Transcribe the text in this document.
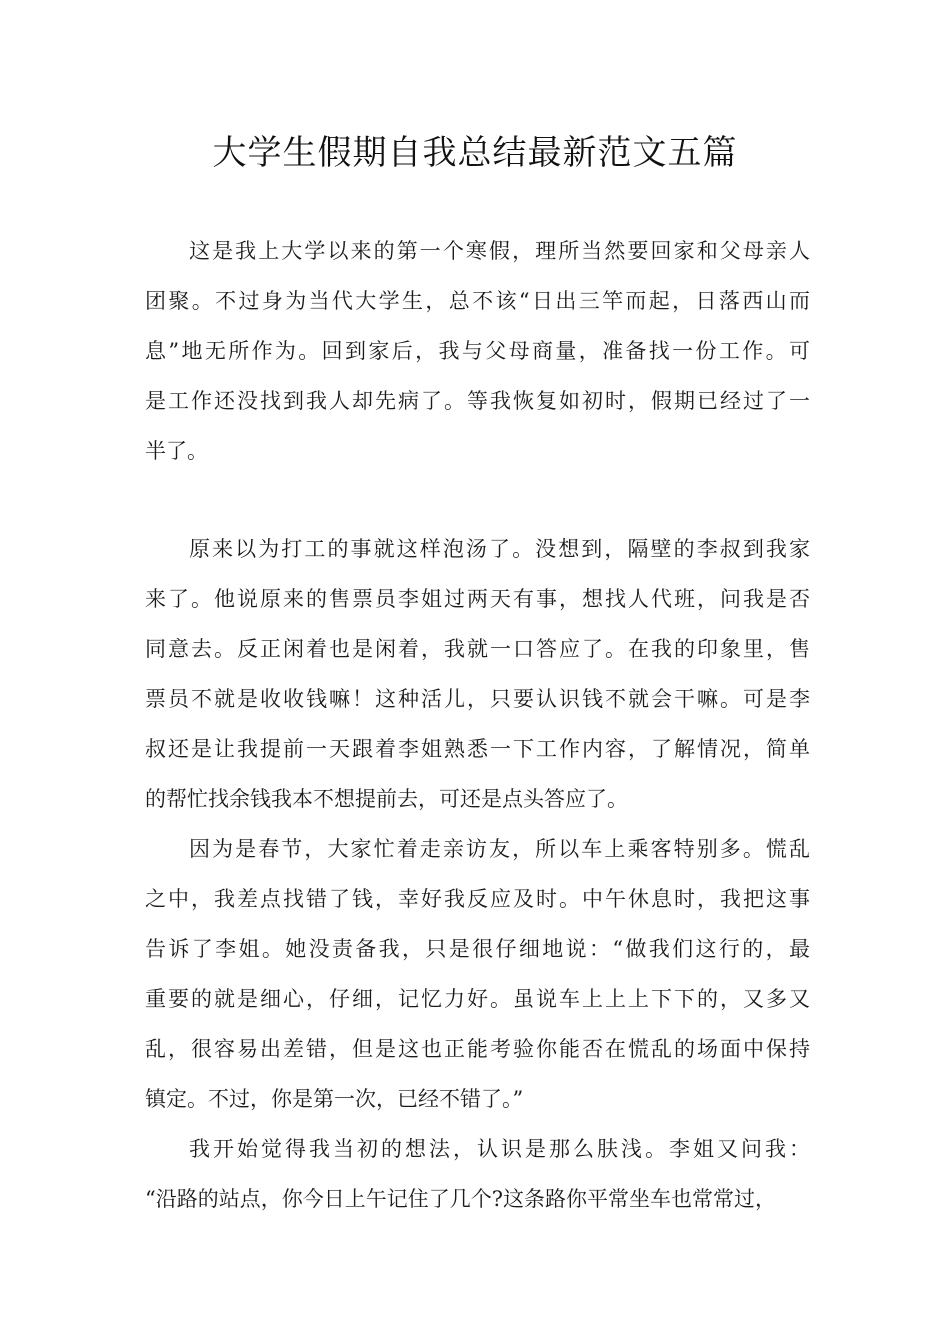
大学生假期自我总结最新范文五篇
这是我上大学以来的第一个寒假，理所当然要回家和父母亲人
团聚。不过身为当代大学生，总不该“日出三竿而起，日落西山而
息”地无所作为。回到家后，我与父母商量，准备找一份工作。可
是工作还没找到我人却先病了。等我恢复如初时，假期已经过了一
半了。
原来以为打工的事就这样泡汤了。没想到，隔壁的李叔到我家
来了。他说原来的售票员李姐过两天有事，想找人代班，问我是否
同意去。反正闲着也是闲着，我就一口答应了。在我的印象里，售
票员不就是收收钱嘛！这种活儿，只要认识钱不就会干嘛。可是李
叔还是让我提前一天跟着李姐熟悉一下工作内容，了解情况，简单
的帮忙找余钱我本不想提前去，可还是点头答应了。
因为是春节，大家忙着走亲访友，所以车上乘客特别多。慌乱
之中，我差点找错了钱，幸好我反应及时。中午休息时，我把这事
告诉了李姐。她没责备我，只是很仔细地说：“做我们这行的，最
重要的就是细心，仔细，记忆力好。虽说车上上上下下的，又多又
乱，很容易出差错，但是这也正能考验你能否在慌乱的场面中保持
镇定。不过，你是第一次，已经不错了。”
我开始觉得我当初的想法，认识是那么肤浅。李姐又问我：
“沿路的站点，你今日上午记住了几个?这条路你平常坐车也常常过，
